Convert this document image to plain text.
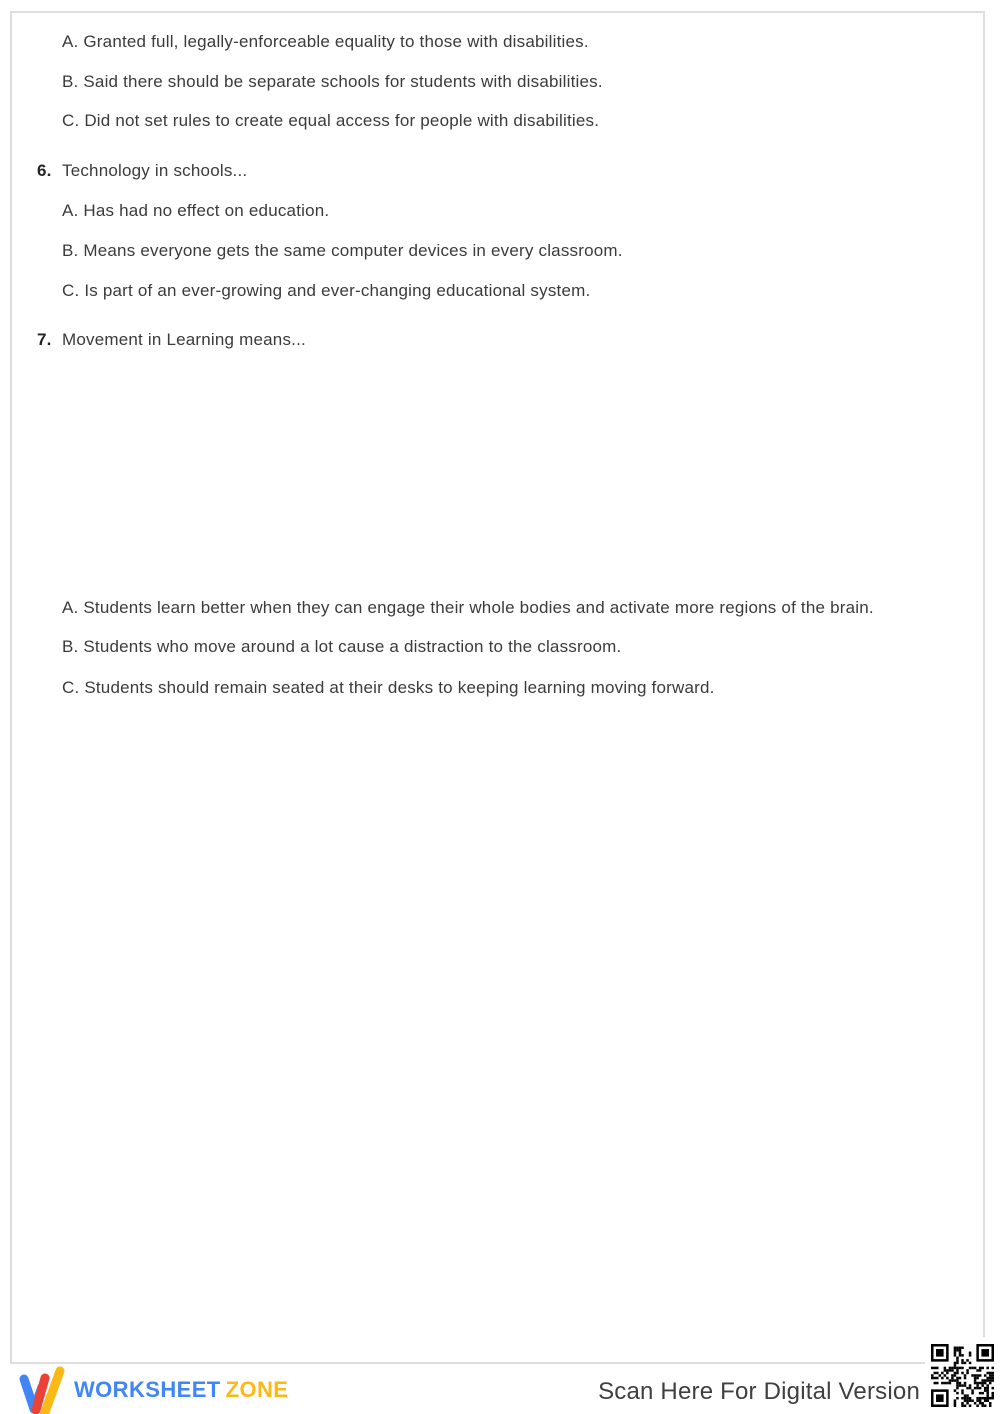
A. Granted full, legally-enforceable equality to those with disabilities.
B. Said there should be separate schools for students with disabilities.
C. Did not set rules to create equal access for people with disabilities.
6. Technology in schools...
A. Has had no effect on education.
B. Means everyone gets the same computer devices in every classroom.
C. Is part of an ever-growing and ever-changing educational system.
7. Movement in Learning means...
A. Students learn better when they can engage their whole bodies and activate more regions of the brain.
B. Students who move around a lot cause a distraction to the classroom.
C. Students should remain seated at their desks to keeping learning moving forward.
WORKSHEET ZONE	Scan Here For Digital Version
